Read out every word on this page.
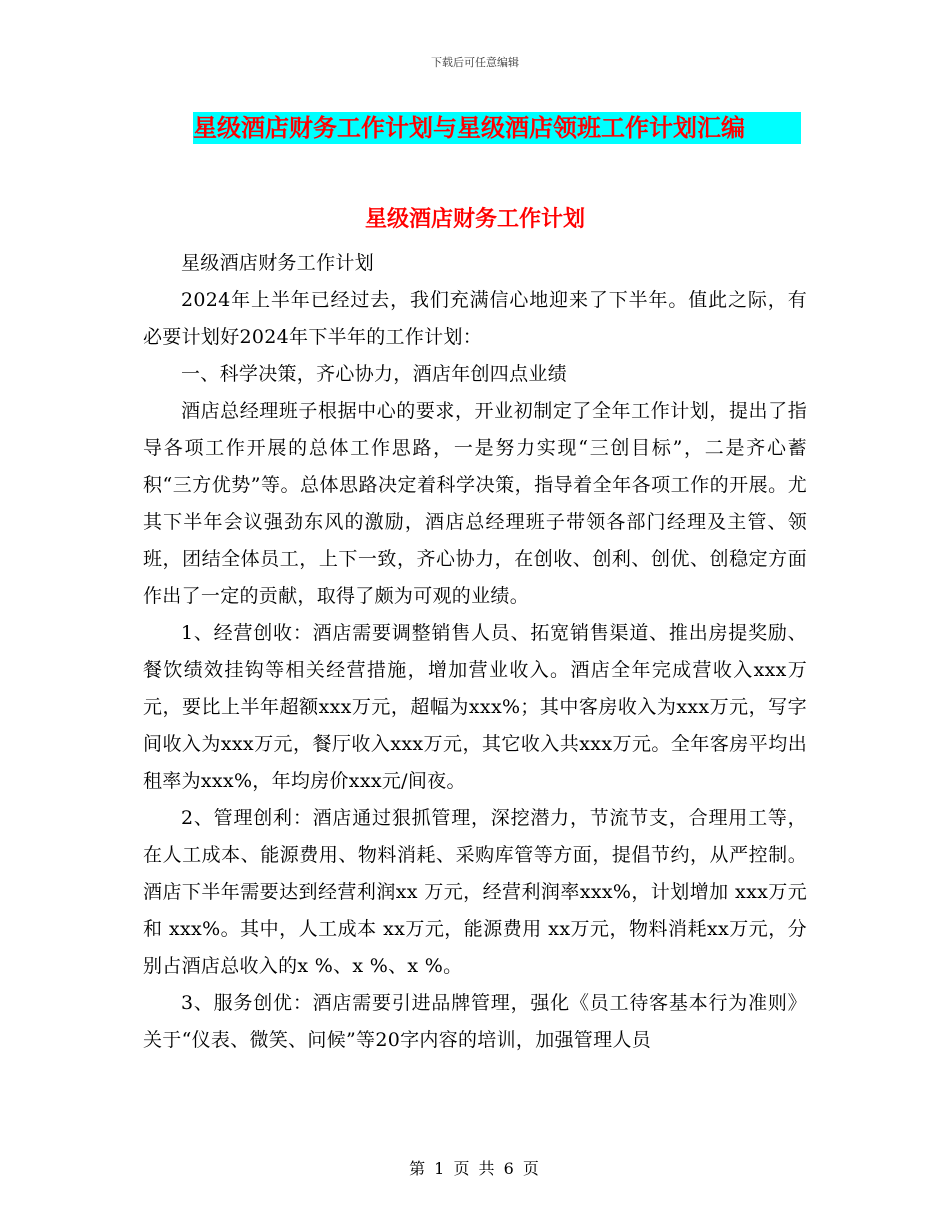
下载后可任意编辑
星级酒店财务工作计划与星级酒店领班工作计划汇编
星级酒店财务工作计划

星级酒店财务工作计划

2024年上半年已经过去，我们充满信心地迎来了下半年。值此之际，有必要计划好2024年下半年的工作计划：

一、科学决策，齐心协力，酒店年创四点业绩

酒店总经理班子根据中心的要求，开业初制定了全年工作计划，提出了指导各项工作开展的总体工作思路，一是努力实现“三创目标”，二是齐心蓄积“三方优势”等。总体思路决定着科学决策，指导着全年各项工作的开展。尤其下半年会议强劲东风的激励，酒店总经理班子带领各部门经理及主管、领班，团结全体员工，上下一致，齐心协力，在创收、创利、创优、创稳定方面作出了一定的贡献，取得了颇为可观的业绩。

1、经营创收：酒店需要调整销售人员、拓宽销售渠道、推出房提奖励、餐饮绩效挂钩等相关经营措施，增加营业收入。酒店全年完成营收入xxx万元，要比上半年超额xxx万元，超幅为xxx%；其中客房收入为xxx万元，写字间收入为xxx万元，餐厅收入xxx万元，其它收入共xxx万元。全年客房平均出租率为xxx%，年均房价xxx元/间夜。

2、管理创利：酒店通过狠抓管理，深挖潜力，节流节支，合理用工等，在人工成本、能源费用、物料消耗、采购库管等方面，提倡节约，从严控制。酒店下半年需要达到经营利润xx 万元，经营利润率xxx%，计划增加 xxx万元和 xxx%。其中，人工成本 xx万元，能源费用 xx万元，物料消耗xx万元，分别占酒店总收入的x %、x %、x %。

3、服务创优：酒店需要引进品牌管理，强化《员工待客基本行为准则》关于“仪表、微笑、问候”等20字内容的培训，加强管理人员

第 1 页 共 6 页
